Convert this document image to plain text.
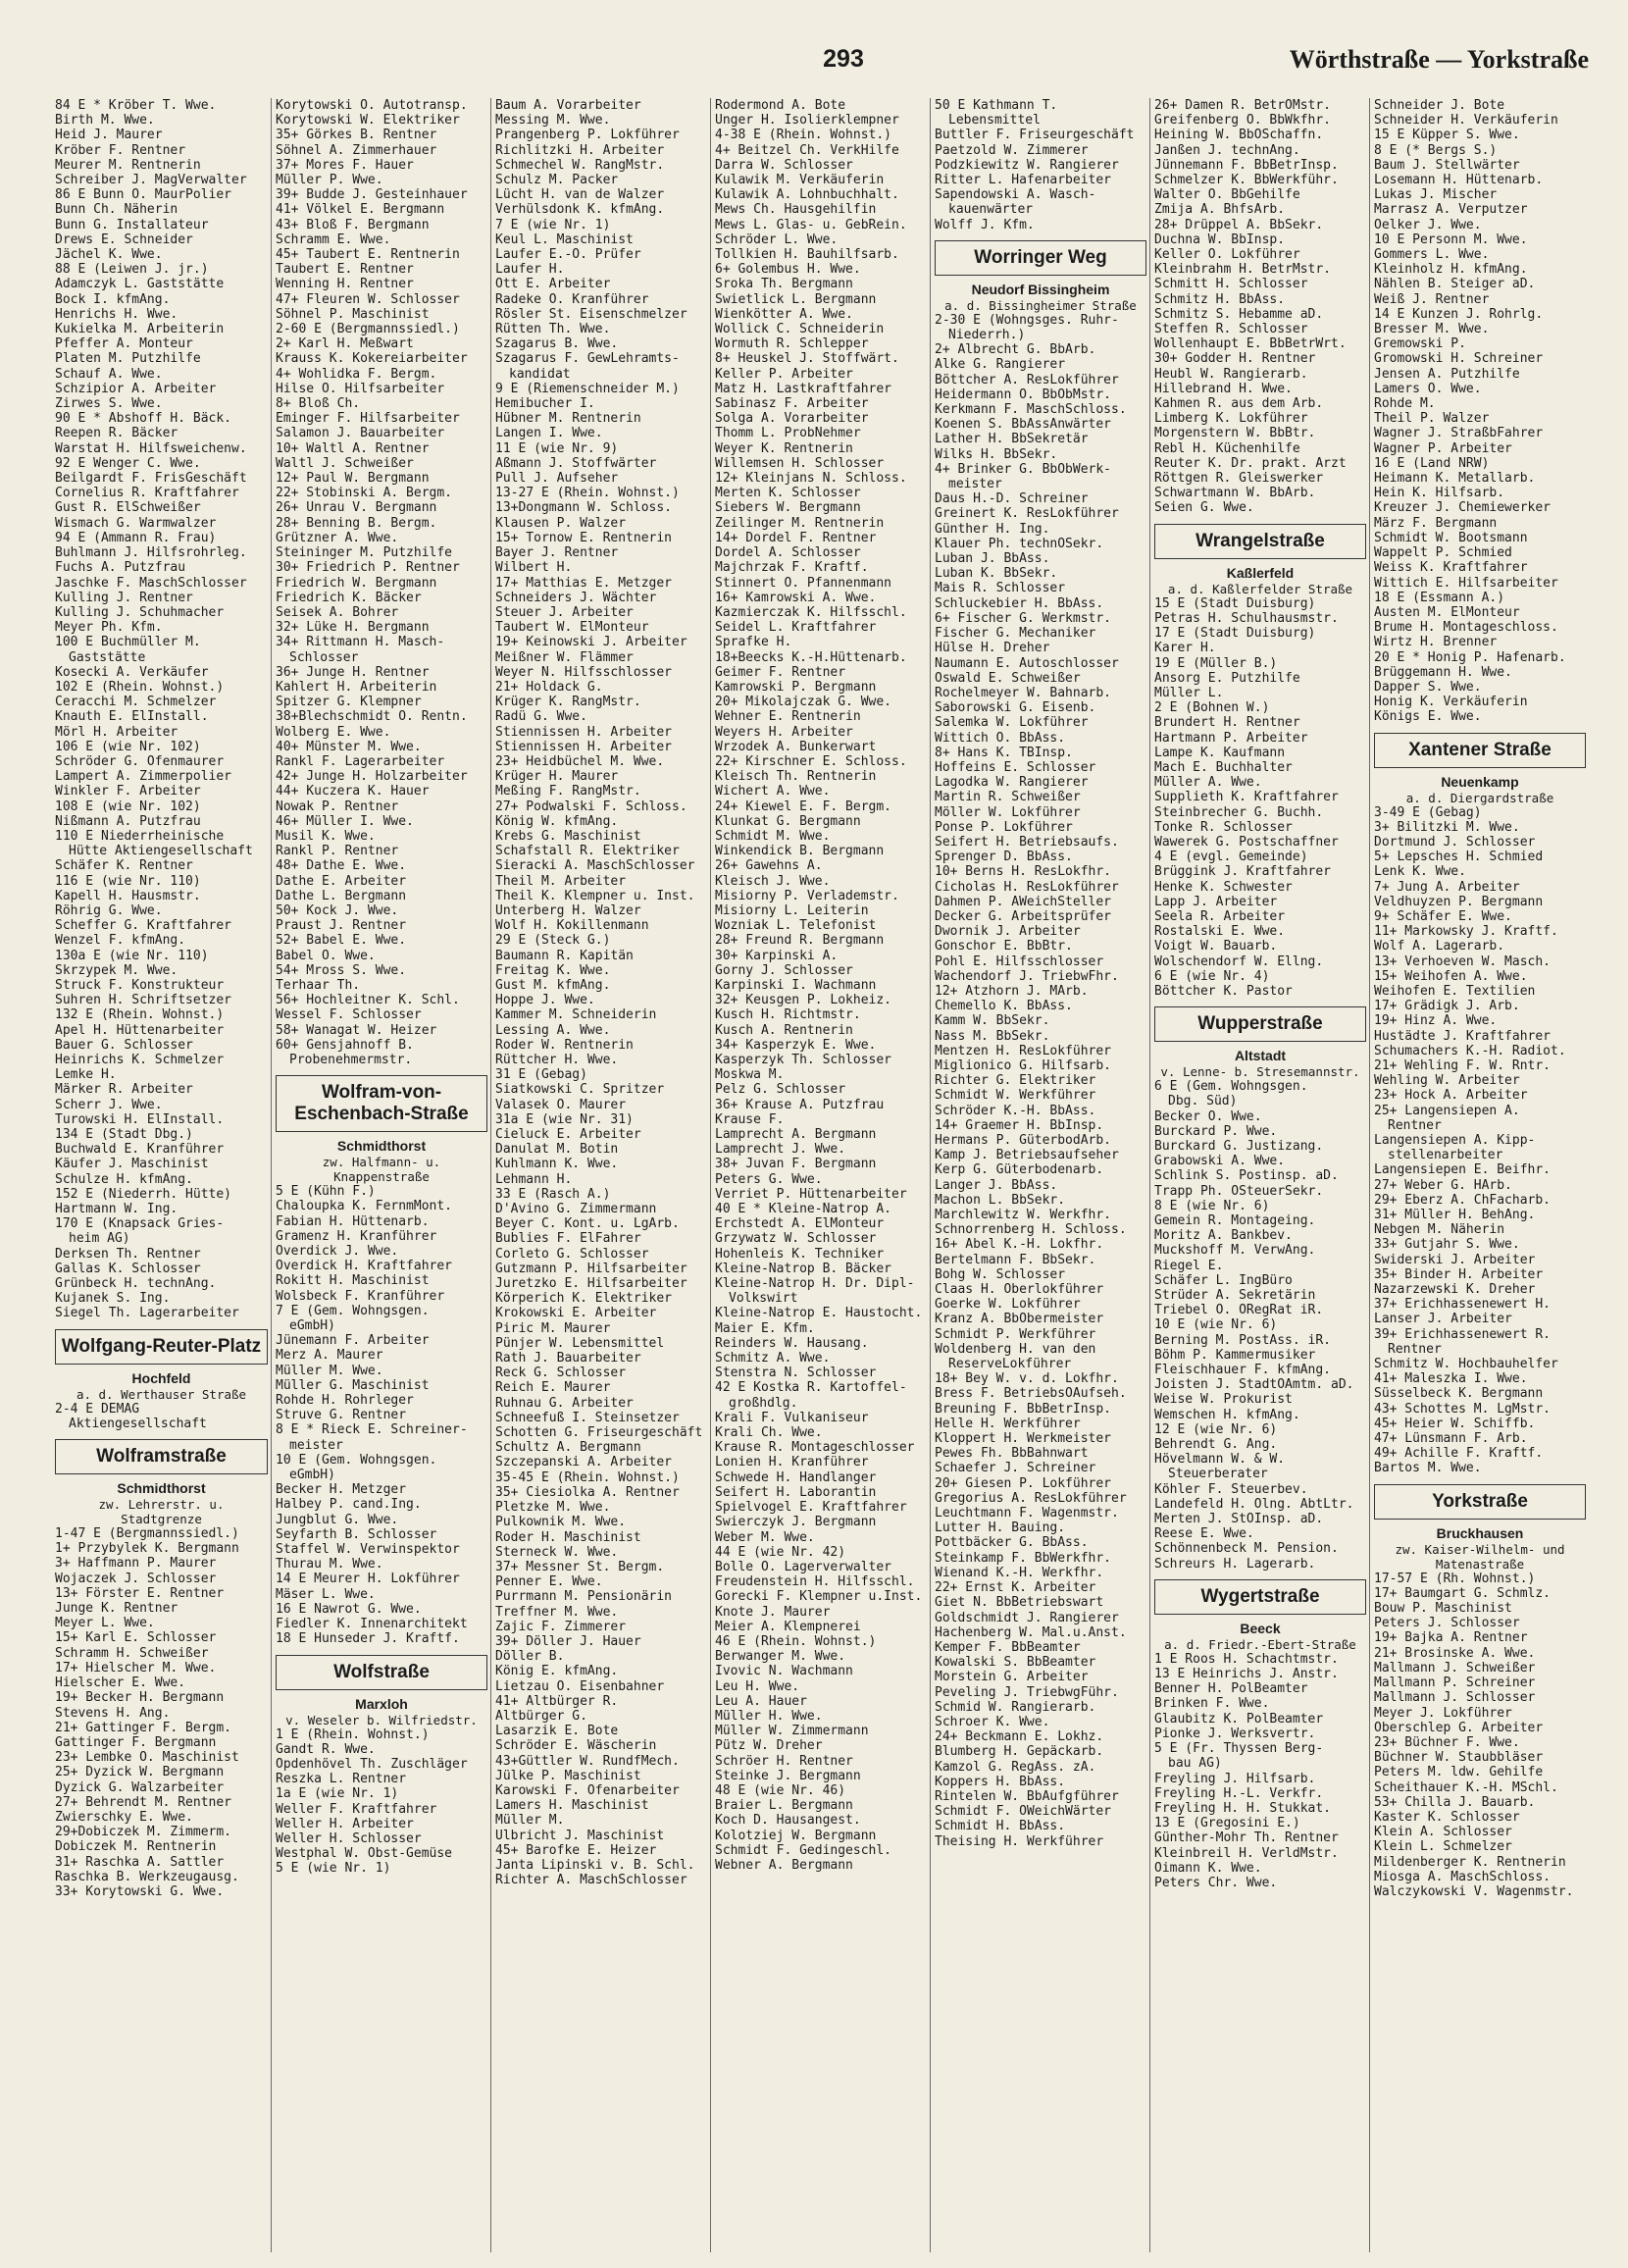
293	Wörthstraße — Yorkstraße
84 E * Kröber T. Wwe.
Birth M. Wwe.
Heid J. Maurer
Kröber F. Rentner
Meurer M. Rentnerin
Schreiber J. MagVerwalter
86 E Bunn O. MaurPolier
Bunn Ch. Näherin
Bunn G. Installateur
Drews E. Schneider
Jächel K. Wwe.
88 E (Leiwen J. jr.)
Adamczyk L. Gaststätte
Bock I. kfmAng.
Henrichs H. Wwe.
Kukielka M. Arbeiterin
Pfeffer A. Monteur
Platen M. Putzhilfe
Schauf A. Wwe.
Schzipior A. Arbeiter
Zirwes S. Wwe.
90 E * Abshoff H. Bäck.
Reepen R. Bäcker
Warstat H. Hilfsweichenw.
92 E Wenger C. Wwe.
Beilgardt F. FrisGeschäft
Cornelius R. Kraftfahrer
Gust R. ElSchweißer
Wismach G. Warmwalzer
94 E (Ammann R. Frau)
Buhlmann J. Hilfsrohrleg.
Fuchs A. Putzfrau
Jaschke F. MaschSchlosser
Kulling J. Rentner
Kulling J. Schuhmacher
Meyer Ph. Kfm.
100 E Buchmüller M.
Gaststätte
Kosecki A. Verkäufer
102 E (Rhein. Wohnst.)
Ceracchi M. Schmelzer
Knauth E. ElInstall.
Mörl H. Arbeiter
106 E (wie Nr. 102)
Schröder G. Ofenmaurer
Lampert A. Zimmerpolier
Winkler F. Arbeiter
108 E (wie Nr. 102)
Nißmann A. Putzfrau
110 E Niederrheinische
Hütte Aktiengesellschaft
Schäfer K. Rentner
116 E (wie Nr. 110)
Kapell H. Hausmstr.
Röhrig G. Wwe.
Scheffer G. Kraftfahrer
Wenzel F. kfmAng.
130a E (wie Nr. 110)
Skrzypek M. Wwe.
Struck F. Konstrukteur
Suhren H. Schriftsetzer
132 E (Rhein. Wohnst.)
Apel H. Hüttenarbeiter
Bauer G. Schlosser
Heinrichs K. Schmelzer
Lemke H.
Märker R. Arbeiter
Scherr J. Wwe.
Turowski H. ElInstall.
134 E (Stadt Dbg.)
Buchwald E. Kranführer
Käufer J. Maschinist
Schulze H. kfmAng.
152 E (Niederrh. Hütte)
Hartmann W. Ing.
170 E (Knapsack Gries-
heim AG)
Derksen Th. Rentner
Gallas K. Schlosser
Grünbeck H. technAng.
Kujanek S. Ing.
Siegel Th. Lagerarbeiter
Wolfgang-Reuter-Platz
Hochfeld
a. d. Werthauser Straße
2-4 E DEMAG
Aktiengesellschaft
Wolframstraße
Schmidthorst
zw. Lehrerstr. u.
Stadtgrenze
1-47 E (Bergmannssiedl.)
1+ Przybylek K. Bergmann
3+ Haffmann P. Maurer
Wojaczek J. Schlosser
13+ Förster E. Rentner
Junge K. Rentner
Meyer L. Wwe.
15+ Karl E. Schlosser
Schramm H. Schweißer
17+ Hielscher M. Wwe.
Hielscher E. Wwe.
19+ Becker H. Bergmann
Stevens H. Ang.
21+ Gattinger F. Bergm.
Gattinger F. Bergmann
23+ Lembke O. Maschinist
25+ Dyzick W. Bergmann
Dyzick G. Walzarbeiter
27+ Behrendt M. Rentner
Zwierschky E. Wwe.
29+Dobiczek M. Zimmerm.
Dobiczek M. Rentnerin
31+ Raschka A. Sattler
Raschka B. Werkzeugausg.
33+ Korytowski G. Wwe.
Korytowski O. Autotransp.
Korytowski W. Elektriker
35+ Görkes B. Rentner
Söhnel A. Zimmerhauer
37+ Mores F. Hauer
Müller P. Wwe.
39+ Budde J. Gesteinhauer
41+ Völkel E. Bergmann
43+ Bloß F. Bergmann
Schramm E. Wwe.
45+ Taubert E. Rentnerin
Taubert E. Rentner
Wenning H. Rentner
47+ Fleuren W. Schlosser
Söhnel P. Maschinist
2-60 E (Bergmannssiedl.)
2+ Karl H. Meßwart
Krauss K. Kokereiarbeiter
4+ Wohlidka F. Bergm.
Hilse O. Hilfsarbeiter
8+ Bloß Ch.
Eminger F. Hilfsarbeiter
Salamon J. Bauarbeiter
10+ Waltl A. Rentner
Waltl J. Schweißer
12+ Paul W. Bergmann
22+ Stobinski A. Bergm.
26+ Unrau V. Bergmann
28+ Benning B. Bergm.
Grützner A. Wwe.
Steininger M. Putzhilfe
30+ Friedrich P. Rentner
Friedrich W. Bergmann
Friedrich K. Bäcker
Seisek A. Bohrer
32+ Lüke H. Bergmann
34+ Rittmann H. Masch-
Schlosser
36+ Junge H. Rentner
Kahlert H. Arbeiterin
Spitzer G. Klempner
38+Blechschmidt O. Rentn.
Wolberg E. Wwe.
40+ Münster M. Wwe.
Rankl F. Lagerarbeiter
42+ Junge H. Holzarbeiter
44+ Kuczera K. Hauer
Nowak P. Rentner
46+ Müller I. Wwe.
Musil K. Wwe.
Rankl P. Rentner
48+ Dathe E. Wwe.
Dathe E. Arbeiter
Dathe L. Bergmann
50+ Kock J. Wwe.
Praust J. Rentner
52+ Babel E. Wwe.
Babel O. Wwe.
54+ Mross S. Wwe.
Terhaar Th.
56+ Hochleitner K. Schl.
Wessel F. Schlosser
58+ Wanagat W. Heizer
60+ Gensjahnoff B.
Probenehmermstr.
Wolfram-von-Eschenbach-Straße
Schmidthorst
zw. Halfmann- u.
Knappenstraße
5 E (Kühn F.)
Chaloupka K. FernmMont.
Fabian H. Hüttenarb.
Gramenz H. Kranführer
Overdick J. Wwe.
Overdick H. Kraftfahrer
Rokitt H. Maschinist
Wolsbeck F. Kranführer
7 E (Gem. Wohngsgen.
eGmbH)
Jünemann F. Arbeiter
Merz A. Maurer
Müller M. Wwe.
Müller G. Maschinist
Rohde H. Rohrleger
Struve G. Rentner
8 E * Rieck E. Schreiner-
meister
10 E (Gem. Wohngsgen.
eGmbH)
Becker H. Metzger
Halbey P. cand.Ing.
Jungblut G. Wwe.
Seyfarth B. Schlosser
Staffel W. Verwinspektor
Thurau M. Wwe.
14 E Meurer H. Lokführer
Mäser L. Wwe.
16 E Nawrot G. Wwe.
Fiedler K. Innenarchitekt
18 E Hunseder J. Kraftf.
Wolfstraße
Marxloh
v. Weseler b. Wilfriedstr.
1 E (Rhein. Wohnst.)
Gandt R. Wwe.
Opdenhövel Th. Zuschläger
Reszka L. Rentner
1a E (wie Nr. 1)
Weller F. Kraftfahrer
Weller H. Arbeiter
Weller H. Schlosser
Westphal W. Obst-Gemüse
5 E (wie Nr. 1)
Baum A. Vorarbeiter
Messing M. Wwe.
Prangenberg P. Lokführer
Richlitzki H. Arbeiter
Schmechel W. RangMstr.
Schulz M. Packer
Lücht H. van de Walzer
Verhülsdonk K. kfmAng.
7 E (wie Nr. 1)
Keul L. Maschinist
Laufer E.-O. Prüfer
Laufer H.
Ott E. Arbeiter
Radeke O. Kranführer
Rösler St. Eisenschmelzer
Rütten Th. Wwe.
Szagarus B. Wwe.
Szagarus F. GewLehramts-
kandidat
9 E (Riemenschneider M.)
Hemibucher I.
Hübner M. Rentnerin
Langen I. Wwe.
11 E (wie Nr. 9)
Aßmann J. Stoffwärter
Pull J. Aufseher
13-27 E (Rhein. Wohnst.)
13+Dongmann W. Schloss.
Klausen P. Walzer
15+ Tornow E. Rentnerin
Bayer J. Rentner
Wilbert H.
17+ Matthias E. Metzger
Schneiders J. Wächter
Steuer J. Arbeiter
Taubert W. ElMonteur
19+ Keinowski J. Arbeiter
Meißner W. Flämmer
Weyer N. Hilfsschlosser
21+ Holdack G.
Krüger K. RangMstr.
Radü G. Wwe.
Stiennissen H. Arbeiter
Stiennissen H. Arbeiter
23+ Heidbüchel M. Wwe.
Krüger H. Maurer
Meßing F. RangMstr.
27+ Podwalski F. Schloss.
König W. kfmAng.
Krebs G. Maschinist
Schafstall R. Elektriker
Sieracki A. MaschSchlosser
Theil M. Arbeiter
Theil K. Klempner u. Inst.
Unterberg H. Walzer
Wolf H. Kokillenmann
29 E (Steck G.)
Baumann R. Kapitän
Freitag K. Wwe.
Gust M. kfmAng.
Hoppe J. Wwe.
Kammer M. Schneiderin
Lessing A. Wwe.
Roder W. Rentnerin
Rüttcher H. Wwe.
31 E (Gebag)
Siatkowski C. Spritzer
Valasek O. Maurer
31a E (wie Nr. 31)
Cieluck E. Arbeiter
Danulat M. Botin
Kuhlmann K. Wwe.
Lehmann H.
33 E (Rasch A.)
D'Avino G. Zimmermann
Beyer C. Kont. u. LgArb.
Bublies F. ElFahrer
Corleto G. Schlosser
Gutzmann P. Hilfsarbeiter
Juretzko E. Hilfsarbeiter
Körperich K. Elektriker
Krokowski E. Arbeiter
Piric M. Maurer
Pünjer W. Lebensmittel
Rath J. Bauarbeiter
Reck G. Schlosser
Reich E. Maurer
Ruhnau G. Arbeiter
Schneefuß I. Steinsetzer
Schotten G. Friseurgeschäft
Schultz A. Bergmann
Szczepanski A. Arbeiter
35-45 E (Rhein. Wohnst.)
35+ Ciesiolka A. Rentner
Pletzke M. Wwe.
Pulkownik M. Wwe.
Roder H. Maschinist
Sterneck W. Wwe.
37+ Messner St. Bergm.
Penner E. Wwe.
Purrmann M. Pensionärin
Treffner M. Wwe.
Zajic F. Zimmerer
39+ Döller J. Hauer
Döller B.
König E. kfmAng.
Lietzau O. Eisenbahner
41+ Altbürger R.
Altbürger G.
Lasarzik E. Bote
Schröder E. Wäscherin
43+Güttler W. RundfMech.
Jülke P. Maschinist
Karowski F. Ofenarbeiter
Lamers H. Maschinist
Müller M.
Ulbricht J. Maschinist
45+ Barofke E. Heizer
Janta Lipinski v. B. Schl.
Richter A. MaschSchlosser
Rodermond A. Bote
Unger H. Isolierklempner
4-38 E (Rhein. Wohnst.)
4+ Beitzel Ch. VerkHilfe
Darra W. Schlosser
Kulawik M. Verkäuferin
Kulawik A. Lohnbuchhalt.
Mews Ch. Hausgehilfin
Mews L. Glas- u. GebRein.
Schröder L. Wwe.
Tollkien H. Bauhilfsarb.
6+ Golembus H. Wwe.
Sroka Th. Bergmann
Swietlick L. Bergmann
Wienkötter A. Wwe.
Wollick C. Schneiderin
Wormuth R. Schlepper
8+ Heuskel J. Stoffwärt.
Keller P. Arbeiter
Matz H. Lastkraftfahrer
Sabinasz F. Arbeiter
Solga A. Vorarbeiter
Thomm L. ProbNehmer
Weyer K. Rentnerin
Willemsen H. Schlosser
12+ Kleinjans N. Schloss.
Merten K. Schlosser
Siebers W. Bergmann
Zeilinger M. Rentnerin
14+ Dordel F. Rentner
Dordel A. Schlosser
Majchrzak F. Kraftf.
Stinnert O. Pfannenmann
16+ Kamrowski A. Wwe.
Kazmierczak K. Hilfsschl.
Seidel L. Kraftfahrer
Sprafke H.
18+Beecks K.-H.Hüttenarb.
Geimer F. Rentner
Kamrowski P. Bergmann
20+ Mikolajczak G. Wwe.
Wehner E. Rentnerin
Weyers H. Arbeiter
Wrzodek A. Bunkerwart
22+ Kirschner E. Schloss.
Kleisch Th. Rentnerin
Wichert A. Wwe.
24+ Kiewel E. F. Bergm.
Klunkat G. Bergmann
Schmidt M. Wwe.
Winkendick B. Bergmann
26+ Gawehns A.
Kleisch J. Wwe.
Misiorny P. Verlademstr.
Misiorny L. Leiterin
Wozniak L. Telefonist
28+ Freund R. Bergmann
30+ Karpinski A.
Gorny J. Schlosser
Karpinski I. Wachmann
32+ Keusgen P. Lokheiz.
Kusch H. Richtmstr.
Kusch A. Rentnerin
34+ Kasperzyk E. Wwe.
Kasperzyk Th. Schlosser
Moskwa M.
Pelz G. Schlosser
36+ Krause A. Putzfrau
Krause F.
Lamprecht A. Bergmann
Lamprecht J. Wwe.
38+ Juvan F. Bergmann
Peters G. Wwe.
Verriet P. Hüttenarbeiter
40 E * Kleine-Natrop A.
Erchstedt A. ElMonteur
Grzywatz W. Schlosser
Hohenleis K. Techniker
Kleine-Natrop B. Bäcker
Kleine-Natrop H. Dr. Dipl-
Volkswirt
Kleine-Natrop E. Haustocht.
Maier E. Kfm.
Reinders W. Hausang.
Schmitz A. Wwe.
Stenstra N. Schlosser
42 E Kostka R. Kartoffel-
großhdlg.
Krali F. Vulkaniseur
Krali Ch. Wwe.
Krause R. Montageschlosser
Lonien H. Kranführer
Schwede H. Handlanger
Seifert H. Laborantin
Spielvogel E. Kraftfahrer
Swierczyk J. Bergmann
Weber M. Wwe.
44 E (wie Nr. 42)
Bolle O. Lagerverwalter
Freudenstein H. Hilfsschl.
Gorecki F. Klempner u.Inst.
Knote J. Maurer
Meier A. Klempnerei
46 E (Rhein. Wohnst.)
Berwanger M. Wwe.
Ivovic N. Wachmann
Leu H. Wwe.
Leu A. Hauer
Müller H. Wwe.
Müller W. Zimmermann
Pütz W. Dreher
Schröer H. Rentner
Steinke J. Bergmann
48 E (wie Nr. 46)
Braier L. Bergmann
Koch D. Hausangest.
Kolotziej W. Bergmann
Schmidt F. Gedingeschl.
Webner A. Bergmann
50 E Kathmann T.
Lebensmittel
Buttler F. Friseurgeschäft
Paetzold W. Zimmerer
Podzkiewitz W. Rangierer
Ritter L. Hafenarbeiter
Sapendowski A. Wasch-
kauenwärter
Wolff J. Kfm.
Worringer Weg
Neudorf Bissingheim
a. d. Bissingheimer Straße
2-30 E (Wohngsges. Ruhr-
Niederrh.)
2+ Albrecht G. BbArb.
Alke G. Rangierer
Böttcher A. ResLokführer
Heidermann O. BbObMstr.
Kerkmann F. MaschSchloss.
Koenen S. BbAssAnwärter
Lather H. BbSekretär
Wilks H. BbSekr.
4+ Brinker G. BbObWerk-
meister
Daus H.-D. Schreiner
Greinert K. ResLokführer
Günther H. Ing.
Klauer Ph. technOSekr.
Luban J. BbAss.
Luban K. BbSekr.
Mais R. Schlosser
Schluckebier H. BbAss.
6+ Fischer G. Werkmstr.
Fischer G. Mechaniker
Hülse H. Dreher
Naumann E. Autoschlosser
Oswald E. Schweißer
Rochelmeyer W. Bahnarb.
Saborowski G. Eisenb.
Salemka W. Lokführer
Wittich O. BbAss.
8+ Hans K. TBInsp.
Hoffeins E. Schlosser
Lagodka W. Rangierer
Martin R. Schweißer
Möller W. Lokführer
Ponse P. Lokführer
Seifert H. Betriebsaufs.
Sprenger D. BbAss.
10+ Berns H. ResLokfhr.
Cicholas H. ResLokführer
Dahmen P. AWeichSteller
Decker G. Arbeitsprüfer
Dwornik J. Arbeiter
Gonschor E. BbBtr.
Pohl E. Hilfsschlosser
Wachendorf J. TriebwFhr.
12+ Atzhorn J. MArb.
Chemello K. BbAss.
Kamm W. BbSekr.
Nass M. BbSekr.
Mentzen H. ResLokführer
Miglionico G. Hilfsarb.
Richter G. Elektriker
Schmidt W. Werkführer
Schröder K.-H. BbAss.
14+ Graemer H. BbInsp.
Hermans P. GüterbodArb.
Kamp J. Betriebsaufseher
Kerp G. Güterbodenarb.
Langer J. BbAss.
Machon L. BbSekr.
Marchlewitz W. Werkfhr.
Schnorrenberg H. Schloss.
16+ Abel K.-H. Lokfhr.
Bertelmann F. BbSekr.
Bohg W. Schlosser
Claas H. Oberlokführer
Goerke W. Lokführer
Kranz A. BbObermeister
Schmidt P. Werkführer
Woldenberg H. van den
ReserveLokführer
18+ Bey W. v. d. Lokfhr.
Bress F. BetriebsOAufseh.
Breuning F. BbBetrInsp.
Helle H. Werkführer
Kloppert H. Werkmeister
Pewes Fh. BbBahnwart
Schaefer J. Schreiner
20+ Giesen P. Lokführer
Gregorius A. ResLokführer
Leuchtmann F. Wagenmstr.
Lutter H. Bauing.
Pottbäcker G. BbAss.
Steinkamp F. BbWerkfhr.
Wienand K.-H. Werkfhr.
22+ Ernst K. Arbeiter
Giet N. BbBetriebswart
Goldschmidt J. Rangierer
Hachenberg W. Mal.u.Anst.
Kemper F. BbBeamter
Kowalski S. BbBeamter
Morstein G. Arbeiter
Peveling J. TriebwgFühr.
Schmid W. Rangierarb.
Schroer K. Wwe.
24+ Beckmann E. Lokhz.
Blumberg H. Gepäckarb.
Kamzol G. RegAss. zA.
Koppers H. BbAss.
Rintelen W. BbAufgführer
Schmidt F. OWeichWärter
Schmidt H. BbAss.
Theising H. Werkführer
26+ Damen R. BetrOMstr.
Greifenberg O. BbWkfhr.
Heining W. BbOSchaffn.
Janßen J. technAng.
Jünnemann F. BbBetrInsp.
Schmelzer K. BbWerkführ.
Walter O. BbGehilfe
Zmija A. BhfsArb.
28+ Drüppel A. BbSekr.
Duchna W. BbInsp.
Keller O. Lokführer
Kleinbrahm H. BetrMstr.
Schmitt H. Schlosser
Schmitz H. BbAss.
Schmitz S. Hebamme aD.
Steffen R. Schlosser
Wollenhaupt E. BbBetrWrt.
30+ Godder H. Rentner
Heubl W. Rangierarb.
Hillebrand H. Wwe.
Kahmen R. aus dem Arb.
Limberg K. Lokführer
Morgenstern W. BbBtr.
Rebl H. Küchenhilfe
Reuter K. Dr. prakt. Arzt
Röttgen R. Gleiswerker
Schwartmann W. BbArb.
Seien G. Wwe.
Wrangelstraße
Kaßlerfeld
a. d. Kaßlerfelder Straße
15 E (Stadt Duisburg)
Petras H. Schulhausmstr.
17 E (Stadt Duisburg)
Karer H.
19 E (Müller B.)
Ansorg E. Putzhilfe
Müller L.
2 E (Bohnen W.)
Brundert H. Rentner
Hartmann P. Arbeiter
Lampe K. Kaufmann
Mach E. Buchhalter
Müller A. Wwe.
Supplieth K. Kraftfahrer
Steinbrecher G. Buchh.
Tonke R. Schlosser
Wawerek G. Postschaffner
4 E (evgl. Gemeinde)
Brüggink J. Kraftfahrer
Henke K. Schwester
Lapp J. Arbeiter
Seela R. Arbeiter
Rostalski E. Wwe.
Voigt W. Bauarb.
Wolschendorf W. Ellng.
6 E (wie Nr. 4)
Böttcher K. Pastor
Wupperstraße
Altstadt
v. Lenne- b. Stresemannstr.
6 E (Gem. Wohngsgen.
Dbg. Süd)
Becker O. Wwe.
Burckard P. Wwe.
Burckard G. Justizang.
Grabowski A. Wwe.
Schlink S. Postinsp. aD.
Trapp Ph. OSteuerSekr.
8 E (wie Nr. 6)
Gemein R. Montageing.
Moritz A. Bankbev.
Muckshoff M. VerwAng.
Riegel E.
Schäfer L. IngBüro
Strüder A. Sekretärin
Triebel O. ORegRat iR.
10 E (wie Nr. 6)
Berning M. PostAss. iR.
Böhm P. Kammermusiker
Fleischhauer F. kfmAng.
Joisten J. StadtOAmtm. aD.
Weise W. Prokurist
Wemschen H. kfmAng.
12 E (wie Nr. 6)
Behrendt G. Ang.
Hövelmann W. & W.
Steuerberater
Köhler F. Steuerbev.
Landefeld H. Olng. AbtLtr.
Merten J. StOInsp. aD.
Reese E. Wwe.
Schönnenbeck M. Pension.
Schreurs H. Lagerarb.
Wygertstraße
Beeck
a. d. Friedr.-Ebert-Straße
1 E Roos H. Schachtmstr.
13 E Heinrichs J. Anstr.
Benner H. PolBeamter
Brinken F. Wwe.
Glaubitz K. PolBeamter
Pionke J. Werksvertr.
5 E (Fr. Thyssen Berg-
bau AG)
Freyling J. Hilfsarb.
Freyling H.-L. Verkfr.
Freyling H. H. Stukkat.
13 E (Gregosini E.)
Günther-Mohr Th. Rentner
Kleinbreil H. VerldMstr.
Oimann K. Wwe.
Peters Chr. Wwe.
Schneider J. Bote
Schneider H. Verkäuferin
15 E Küpper S. Wwe.
8 E (* Bergs S.)
Baum J. Stellwärter
Losemann H. Hüttenarb.
Lukas J. Mischer
Marrasz A. Verputzer
Oelker J. Wwe.
10 E Personn M. Wwe.
Gommers L. Wwe.
Kleinholz H. kfmAng.
Nählen B. Steiger aD.
Weiß J. Rentner
14 E Kunzen J. Rohrlg.
Bresser M. Wwe.
Gremowski P.
Gromowski H. Schreiner
Jensen A. Putzhilfe
Lamers O. Wwe.
Rohde M.
Theil P. Walzer
Wagner J. StraßbFahrer
Wagner P. Arbeiter
16 E (Land NRW)
Heimann K. Metallarb.
Hein K. Hilfsarb.
Kreuzer J. Chemiewerker
März F. Bergmann
Schmidt W. Bootsmann
Wappelt P. Schmied
Weiss K. Kraftfahrer
Wittich E. Hilfsarbeiter
18 E (Essmann A.)
Austen M. ElMonteur
Brume H. Montageschloss.
Wirtz H. Brenner
20 E * Honig P. Hafenarb.
Brüggemann H. Wwe.
Dapper S. Wwe.
Honig K. Verkäuferin
Königs E. Wwe.
Xantener Straße
Neuenkamp
a. d. Diergardstraße
3-49 E (Gebag)
3+ Bilitzki M. Wwe.
Dortmund J. Schlosser
5+ Lepsches H. Schmied
Lenk K. Wwe.
7+ Jung A. Arbeiter
Veldhuyzen P. Bergmann
9+ Schäfer E. Wwe.
11+ Markowsky J. Kraftf.
Wolf A. Lagerarb.
13+ Verhoeven W. Masch.
15+ Weihofen A. Wwe.
Weihofen E. Textilien
17+ Grädigk J. Arb.
19+ Hinz A. Wwe.
Hustädte J. Kraftfahrer
Schumachers K.-H. Radiot.
21+ Wehling F. W. Rntr.
Wehling W. Arbeiter
23+ Hock A. Arbeiter
25+ Langensiepen A.
Rentner
Langensiepen A. Kipp-
stellenarbeiter
Langensiepen E. Beifhr.
27+ Weber G. HArb.
29+ Eberz A. ChFacharb.
31+ Müller H. BehAng.
Nebgen M. Näherin
33+ Gutjahr S. Wwe.
Swiderski J. Arbeiter
35+ Binder H. Arbeiter
Nazarzewski K. Dreher
37+ Erichhassenewert H.
Lanser J. Arbeiter
39+ Erichhassenewert R.
Rentner
Schmitz W. Hochbauhelfer
41+ Maleszka I. Wwe.
Süsselbeck K. Bergmann
43+ Schottes M. LgMstr.
45+ Heier W. Schiffb.
47+ Lünsmann F. Arb.
49+ Achille F. Kraftf.
Bartos M. Wwe.
Yorkstraße
Bruckhausen
zw. Kaiser-Wilhelm- und
Matenastraße
17-57 E (Rh. Wohnst.)
17+ Baumgart G. Schmlz.
Bouw P. Maschinist
Peters J. Schlosser
19+ Bajka A. Rentner
21+ Brosinske A. Wwe.
Mallmann J. Schweißer
Mallmann P. Schreiner
Mallmann J. Schlosser
Meyer J. Lokführer
Oberschlep G. Arbeiter
23+ Büchner F. Wwe.
Büchner W. Staubbläser
Peters M. ldw. Gehilfe
Scheithauer K.-H. MSchl.
53+ Chilla J. Bauarb.
Kaster K. Schlosser
Klein A. Schlosser
Klein L. Schmelzer
Mildenberger K. Rentnerin
Miosga A. MaschSchloss.
Walczykowski V. Wagenmstr.
